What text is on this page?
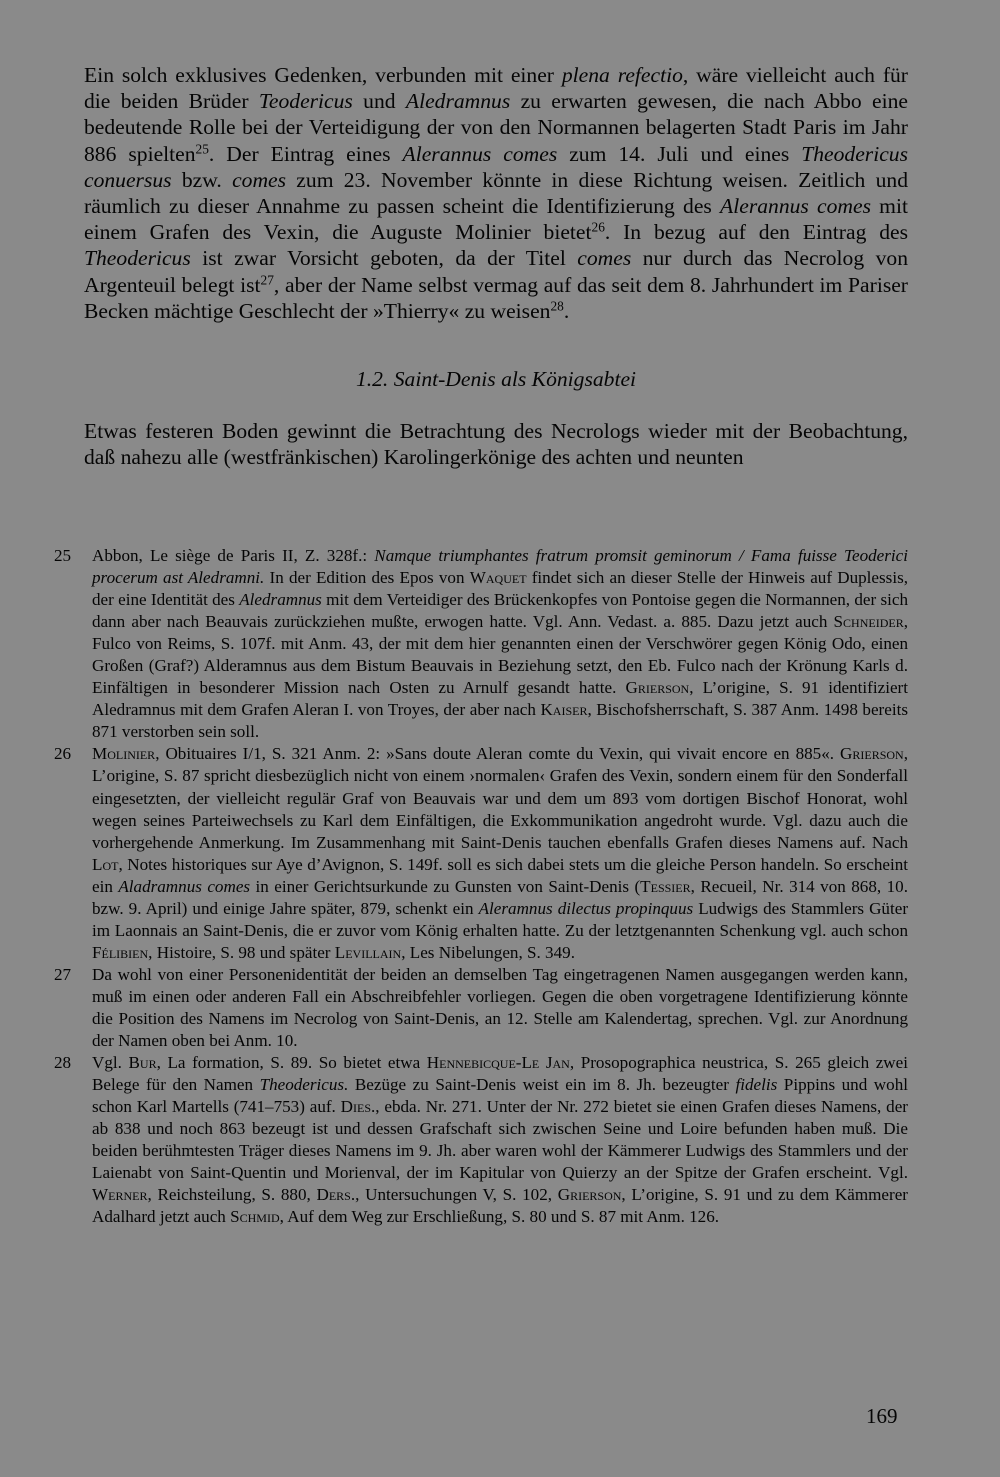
Ein solch exklusives Gedenken, verbunden mit einer plena refectio, wäre vielleicht auch für die beiden Brüder Teodericus und Aledramnus zu erwarten gewesen, die nach Abbo eine bedeutende Rolle bei der Verteidigung der von den Normannen belagerten Stadt Paris im Jahr 886 spielten$^{25}$. Der Eintrag eines Alerannus comes zum 14. Juli und eines Theodericus conuersus bzw. comes zum 23. November könnte in diese Richtung weisen. Zeitlich und räumlich zu dieser Annahme zu passen scheint die Identifizierung des Alerannus comes mit einem Grafen des Vexin, die Auguste Molinier bietet$^{26}$. In bezug auf den Eintrag des Theodericus ist zwar Vorsicht geboten, da der Titel comes nur durch das Necrolog von Argenteuil belegt ist$^{27}$, aber der Name selbst vermag auf das seit dem 8. Jahrhundert im Pariser Becken mächtige Geschlecht der »Thierry« zu weisen$^{28}$.

1.2. Saint-Denis als Königsabtei

Etwas festeren Boden gewinnt die Betrachtung des Necrologs wieder mit der Beobachtung, daß nahezu alle (westfränkischen) Karolingerkönige des achten und neunten

25 Abbon, Le siège de Paris II, Z. 328f.: Namque triumphantes fratrum promsit geminorum / Fama fuisse Teoderici procerum ast Aledramni. In der Edition des Epos von Waquet findet sich an dieser Stelle der Hinweis auf Duplessis, der eine Identität des Aledramnus mit dem Verteidiger des Brückenkopfes von Pontoise gegen die Normannen, der sich dann aber nach Beauvais zurückziehen mußte, erwogen hatte. Vgl. Ann. Vedast. a. 885. Dazu jetzt auch Schneider, Fulco von Reims, S. 107f. mit Anm. 43, der mit dem hier genannten einen der Verschwörer gegen König Odo, einen Großen (Graf?) Alderamnus aus dem Bistum Beauvais in Beziehung setzt, den Eb. Fulco nach der Krönung Karls d. Einfältigen in besonderer Mission nach Osten zu Arnulf gesandt hatte. Grierson, L’origine, S. 91 identifiziert Aledramnus mit dem Grafen Aleran I. von Troyes, der aber nach Kaiser, Bischofsherrschaft, S. 387 Anm. 1498 bereits 871 verstorben sein soll.
26 Molinier, Obituaires I/1, S. 321 Anm. 2: »Sans doute Aleran comte du Vexin, qui vivait encore en 885«. Grierson, L’origine, S. 87 spricht diesbezüglich nicht von einem ›normalen‹ Grafen des Vexin, sondern einem für den Sonderfall eingesetzten, der vielleicht regulär Graf von Beauvais war und dem um 893 vom dortigen Bischof Honorat, wohl wegen seines Parteiwechsels zu Karl dem Einfältigen, die Exkommunikation angedroht wurde. Vgl. dazu auch die vorhergehende Anmerkung. Im Zusammenhang mit Saint-Denis tauchen ebenfalls Grafen dieses Namens auf. Nach Lot, Notes historiques sur Aye d’Avignon, S. 149f. soll es sich dabei stets um die gleiche Person handeln. So erscheint ein Aladramnus comes in einer Gerichtsurkunde zu Gunsten von Saint-Denis (Tessier, Recueil, Nr. 314 von 868, 10. bzw. 9. April) und einige Jahre später, 879, schenkt ein Aleramnus dilectus propinquus Ludwigs des Stammlers Güter im Laonnais an Saint-Denis, die er zuvor vom König erhalten hatte. Zu der letztgenannten Schenkung vgl. auch schon Félibien, Histoire, S. 98 und später Levillain, Les Nibelungen, S. 349.
27 Da wohl von einer Personenidentität der beiden an demselben Tag eingetragenen Namen ausgegangen werden kann, muß im einen oder anderen Fall ein Abschreibfehler vorliegen. Gegen die oben vorgetragene Identifizierung könnte die Position des Namens im Necrolog von Saint-Denis, an 12. Stelle am Kalendertag, sprechen. Vgl. zur Anordnung der Namen oben bei Anm. 10.
28 Vgl. Bur, La formation, S. 89. So bietet etwa Hennebicque-Le Jan, Prosopographica neustrica, S. 265 gleich zwei Belege für den Namen Theodericus. Bezüge zu Saint-Denis weist ein im 8. Jh. bezeugter fidelis Pippins und wohl schon Karl Martells (741–753) auf. Dies., ebda. Nr. 271. Unter der Nr. 272 bietet sie einen Grafen dieses Namens, der ab 838 und noch 863 bezeugt ist und dessen Grafschaft sich zwischen Seine und Loire befunden haben muß. Die beiden berühmtesten Träger dieses Namens im 9. Jh. aber waren wohl der Kämmerer Ludwigs des Stammlers und der Laienabt von Saint-Quentin und Morienval, der im Kapitular von Quierzy an der Spitze der Grafen erscheint. Vgl. Werner, Reichsteilung, S. 880, Ders., Untersuchungen V, S. 102, Grierson, L’origine, S. 91 und zu dem Kämmerer Adalhard jetzt auch Schmid, Auf dem Weg zur Erschließung, S. 80 und S. 87 mit Anm. 126.
169
